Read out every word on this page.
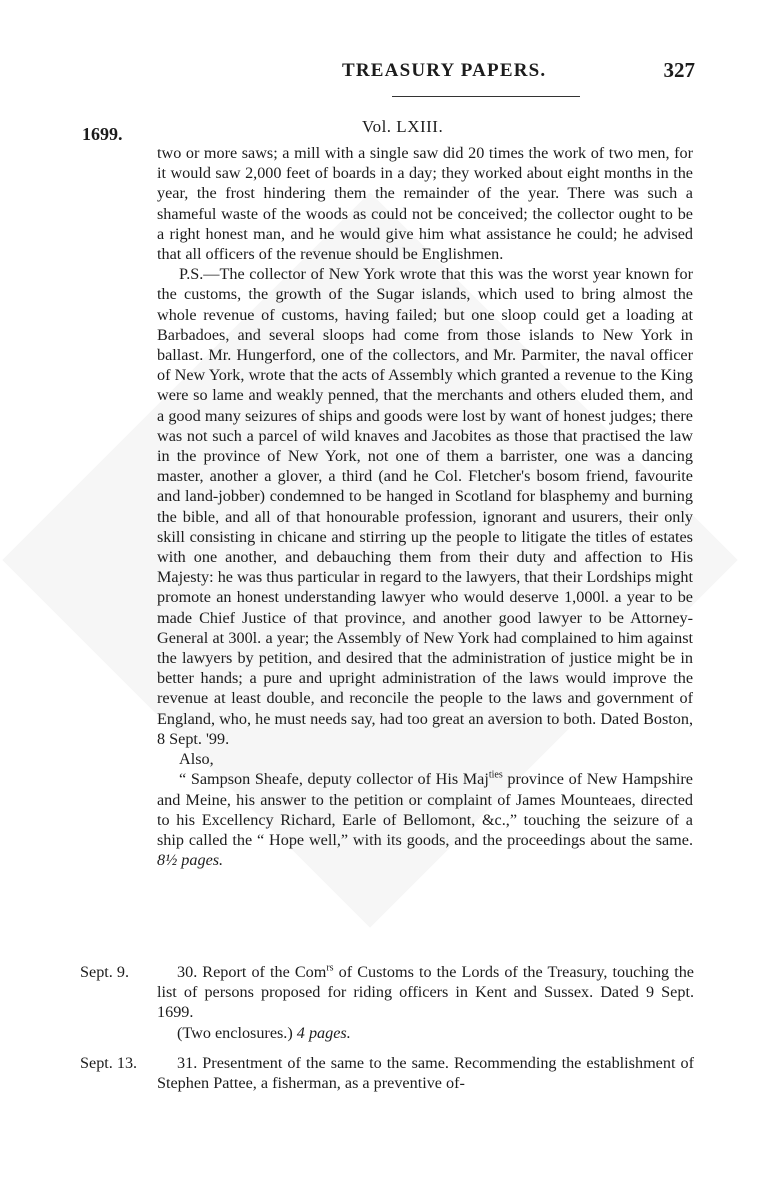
TREASURY PAPERS.	327
1699.	Vol. LXIII.

two or more saws; a mill with a single saw did 20 times the work of two men, for it would saw 2,000 feet of boards in a day; they worked about eight months in the year, the frost hindering them the remainder of the year. There was such a shameful waste of the woods as could not be conceived; the collector ought to be a right honest man, and he would give him what assistance he could; he advised that all officers of the revenue should be Englishmen.

P.S.—The collector of New York wrote that this was the worst year known for the customs, the growth of the Sugar islands, which used to bring almost the whole revenue of customs, having failed; but one sloop could get a loading at Barbadoes, and several sloops had come from those islands to New York in ballast. Mr. Hungerford, one of the collectors, and Mr. Parmiter, the naval officer of New York, wrote that the acts of Assembly which granted a revenue to the King were so lame and weakly penned, that the merchants and others eluded them, and a good many seizures of ships and goods were lost by want of honest judges; there was not such a parcel of wild knaves and Jacobites as those that practised the law in the province of New York, not one of them a barrister, one was a dancing master, another a glover, a third (and he Col. Fletcher's bosom friend, favourite and land-jobber) condemned to be hanged in Scotland for blasphemy and burning the bible, and all of that honourable profession, ignorant and usurers, their only skill consisting in chicane and stirring up the people to litigate the titles of estates with one another, and debauching them from their duty and affection to His Majesty: he was thus particular in regard to the lawyers, that their Lordships might promote an honest understanding lawyer who would deserve 1,000l. a year to be made Chief Justice of that province, and another good lawyer to be Attorney-General at 300l. a year; the Assembly of New York had complained to him against the lawyers by petition, and desired that the administration of justice might be in better hands; a pure and upright administration of the laws would improve the revenue at least double, and reconcile the people to the laws and government of England, who, he must needs say, had too great an aversion to both. Dated Boston, 8 Sept. '99.

Also,

“ Sampson Sheafe, deputy collector of His Maj$^{ties}$ province of New Hampshire and Meine, his answer to the petition or complaint of James Mounteaes, directed to his Excellency Richard, Earle of Bellomont, &c.,” touching the seizure of a ship called the “ Hope well,” with its goods, and the proceedings about the same. 8½ pages.

Sept. 9.	30. Report of the Com$^{rs}$ of Customs to the Lords of the Treasury, touching the list of persons proposed for riding officers in Kent and Sussex. Dated 9 Sept. 1699.
(Two enclosures.) 4 pages.
Sept. 13.	31. Presentment of the same to the same. Recommending the establishment of Stephen Pattee, a fisherman, as a preventive of-
